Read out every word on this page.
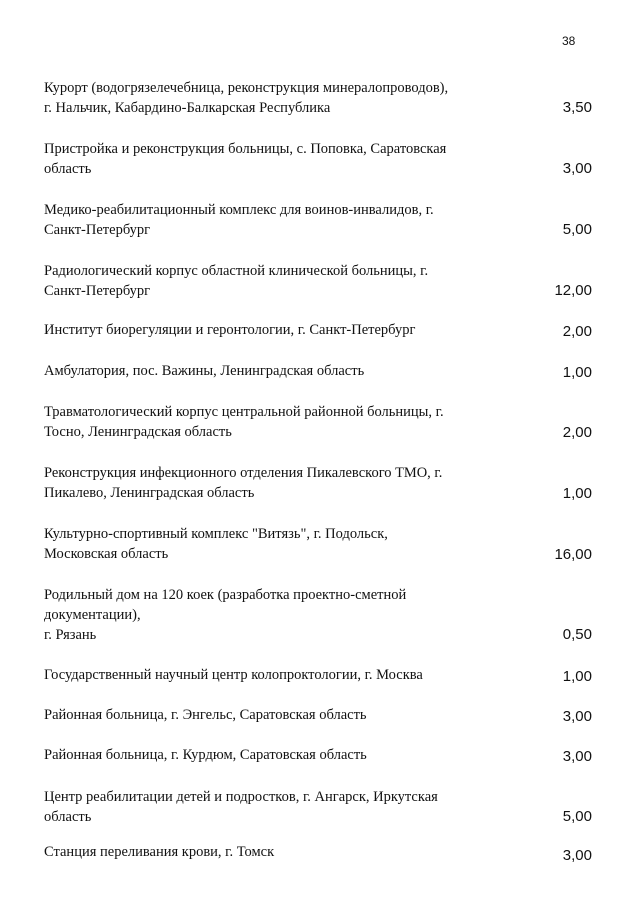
38
Курорт (водогрязелечебница, реконструкция минералопроводов),
г. Нальчик, Кабардино-Балкарская Республика	3,50
Пристройка и реконструкция больницы, с. Поповка, Саратовская
область	3,00
Медико-реабилитационный комплекс для воинов-инвалидов, г.
Санкт-Петербург	5,00
Радиологический корпус областной клинической больницы, г.
Санкт-Петербург	12,00
Институт биорегуляции и геронтологии, г. Санкт-Петербург	2,00
Амбулатория, пос. Важины, Ленинградская область	1,00
Травматологический корпус центральной районной больницы, г.
Тосно, Ленинградская область	2,00
Реконструкция инфекционного отделения Пикалевского ТМО, г.
Пикалево, Ленинградская область	1,00
Культурно-спортивный комплекс "Витязь", г. Подольск,
Московская область	16,00
Родильный дом на 120 коек (разработка проектно-сметной
документации),
г. Рязань	0,50
Государственный научный центр колопроктологии, г. Москва	1,00
Районная больница, г. Энгельс, Саратовская область	3,00
Районная больница, г. Курдюм, Саратовская область	3,00
Центр реабилитации детей и подростков, г. Ангарск, Иркутская
область	5,00
Станция переливания крови, г. Томск	3,00
